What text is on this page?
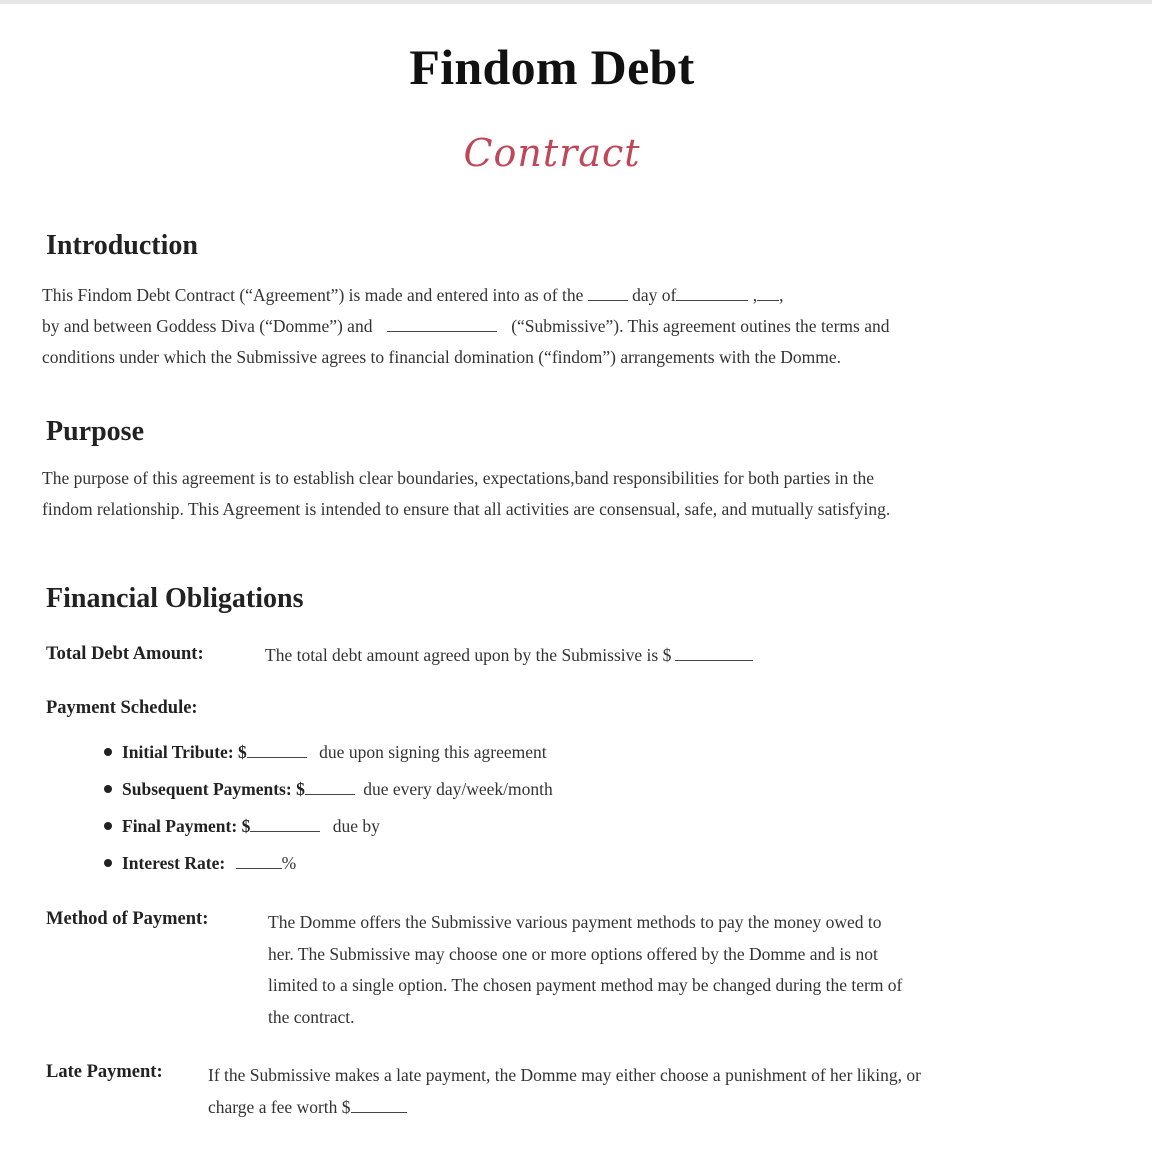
Findom Debt
Contract
Introduction
This Findom Debt Contract (“Agreement”) is made and entered into as of the	day of	, ,
by and between Goddess Diva (“Domme”) and	(“Submissive”). This agreement outines the terms and
conditions under which the Submissive agrees to financial domination (“findom”) arrangements with the Domme.
Purpose
The purpose of this agreement is to establish clear boundaries, expectations,band responsibilities for both parties in the
findom relationship. This Agreement is intended to ensure that all activities are consensual, safe, and mutually satisfying.
Financial Obligations
Total Debt Amount:	The total debt amount agreed upon by the Submissive is $
Payment Schedule:
Initial Tribute: $	due upon signing this agreement
Subsequent Payments: $	due every day/week/month
Final Payment: $	due by
Interest Rate:	%
Method of Payment:	The Domme offers the Submissive various payment methods to pay the money owed to
her. The Submissive may choose one or more options offered by the Domme and is not
limited to a single option. The chosen payment method may be changed during the term of
the contract.
Late Payment:	If the Submissive makes a late payment, the Domme may either choose a punishment of her liking, or
charge a fee worth $
